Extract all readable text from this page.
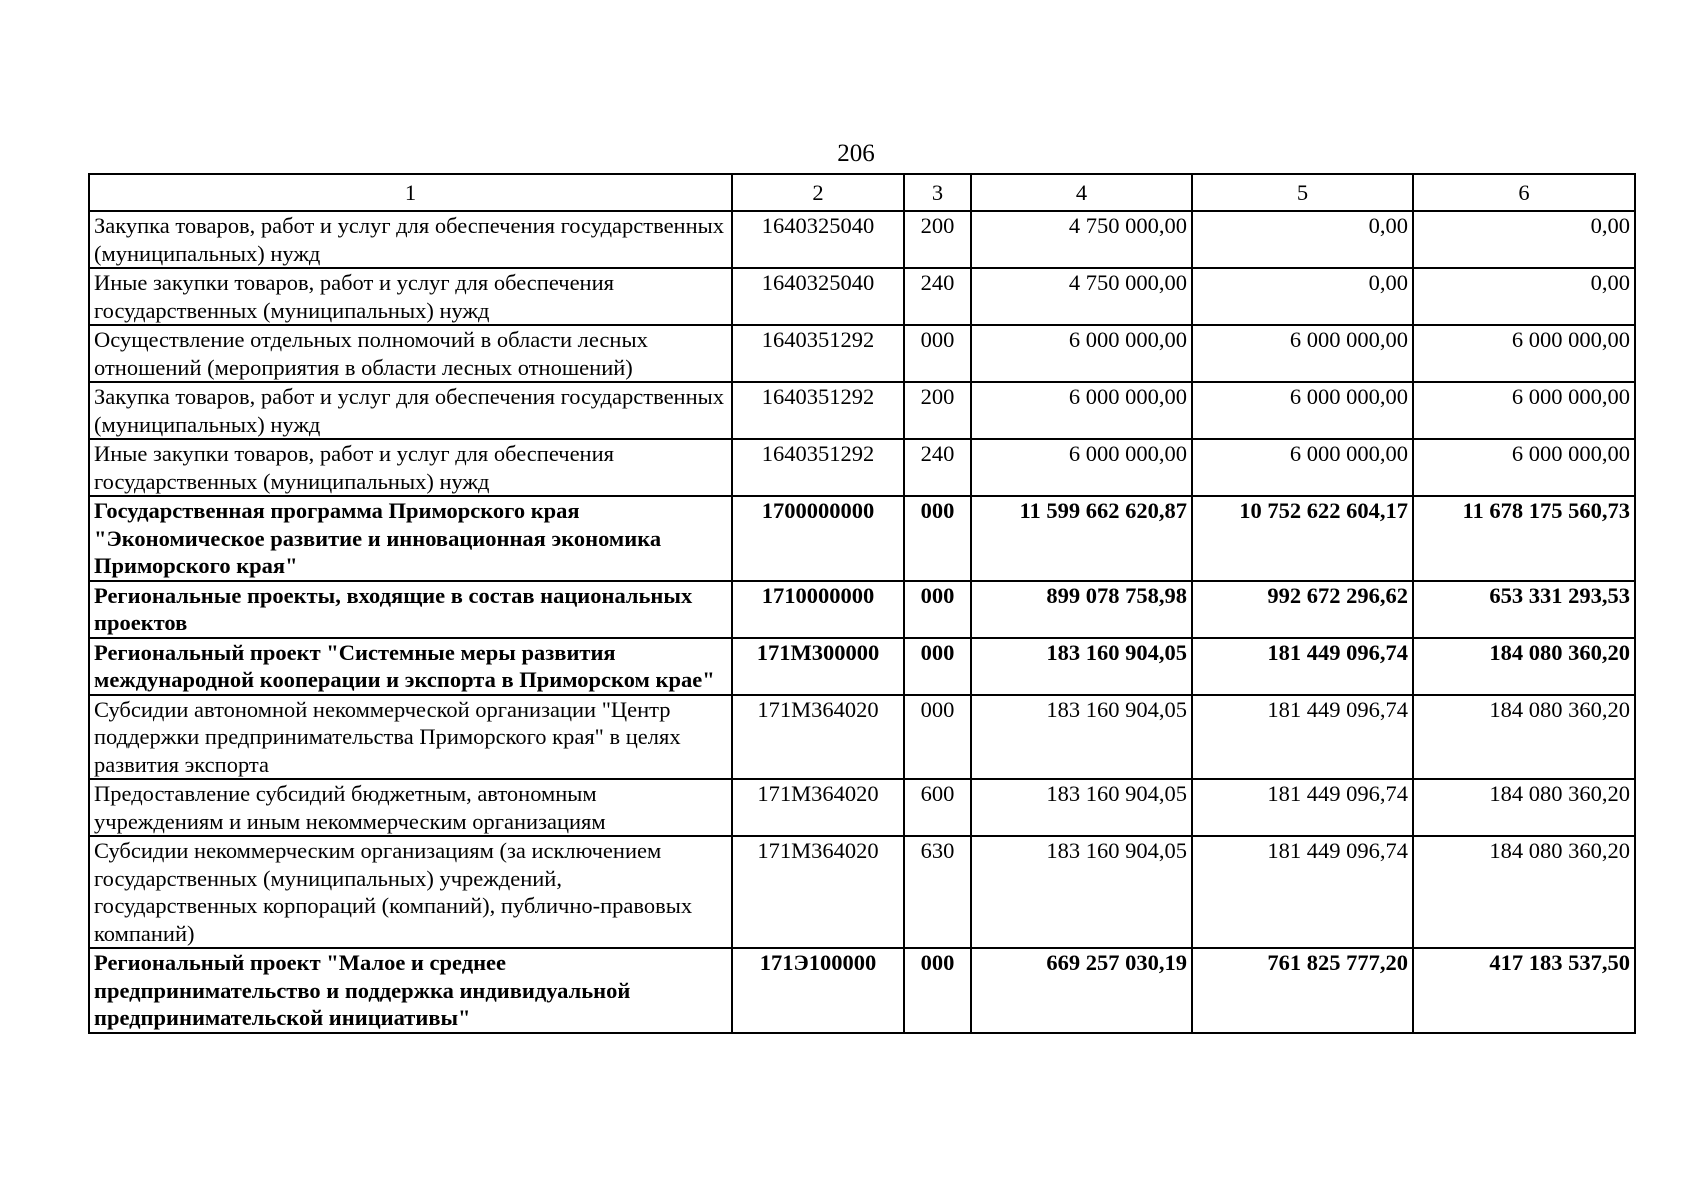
206
1	2	3	4	5	6
Закупка товаров, работ и услуг для обеспечения государственных (муниципальных) нужд	1640325040	200	4 750 000,00	0,00	0,00
Иные закупки товаров, работ и услуг для обеспечения государственных (муниципальных) нужд	1640325040	240	4 750 000,00	0,00	0,00
Осуществление отдельных полномочий в области лесных отношений (мероприятия в области лесных отношений)	1640351292	000	6 000 000,00	6 000 000,00	6 000 000,00
Закупка товаров, работ и услуг для обеспечения государственных (муниципальных) нужд	1640351292	200	6 000 000,00	6 000 000,00	6 000 000,00
Иные закупки товаров, работ и услуг для обеспечения государственных (муниципальных) нужд	1640351292	240	6 000 000,00	6 000 000,00	6 000 000,00
Государственная программа Приморского края "Экономическое развитие и инновационная экономика Приморского края"	1700000000	000	11 599 662 620,87	10 752 622 604,17	11 678 175 560,73
Региональные проекты, входящие в состав национальных проектов	1710000000	000	899 078 758,98	992 672 296,62	653 331 293,53
Региональный проект "Системные меры развития международной кооперации и экспорта в Приморском крае"	171М300000	000	183 160 904,05	181 449 096,74	184 080 360,20
Субсидии автономной некоммерческой организации "Центр поддержки предпринимательства Приморского края" в целях развития экспорта	171М364020	000	183 160 904,05	181 449 096,74	184 080 360,20
Предоставление субсидий бюджетным, автономным учреждениям и иным некоммерческим организациям	171М364020	600	183 160 904,05	181 449 096,74	184 080 360,20
Субсидии некоммерческим организациям (за исключением государственных (муниципальных) учреждений, государственных корпораций (компаний), публично-правовых компаний)	171М364020	630	183 160 904,05	181 449 096,74	184 080 360,20
Региональный проект "Малое и среднее предпринимательство и поддержка индивидуальной предпринимательской инициативы"	171Э100000	000	669 257 030,19	761 825 777,20	417 183 537,50
